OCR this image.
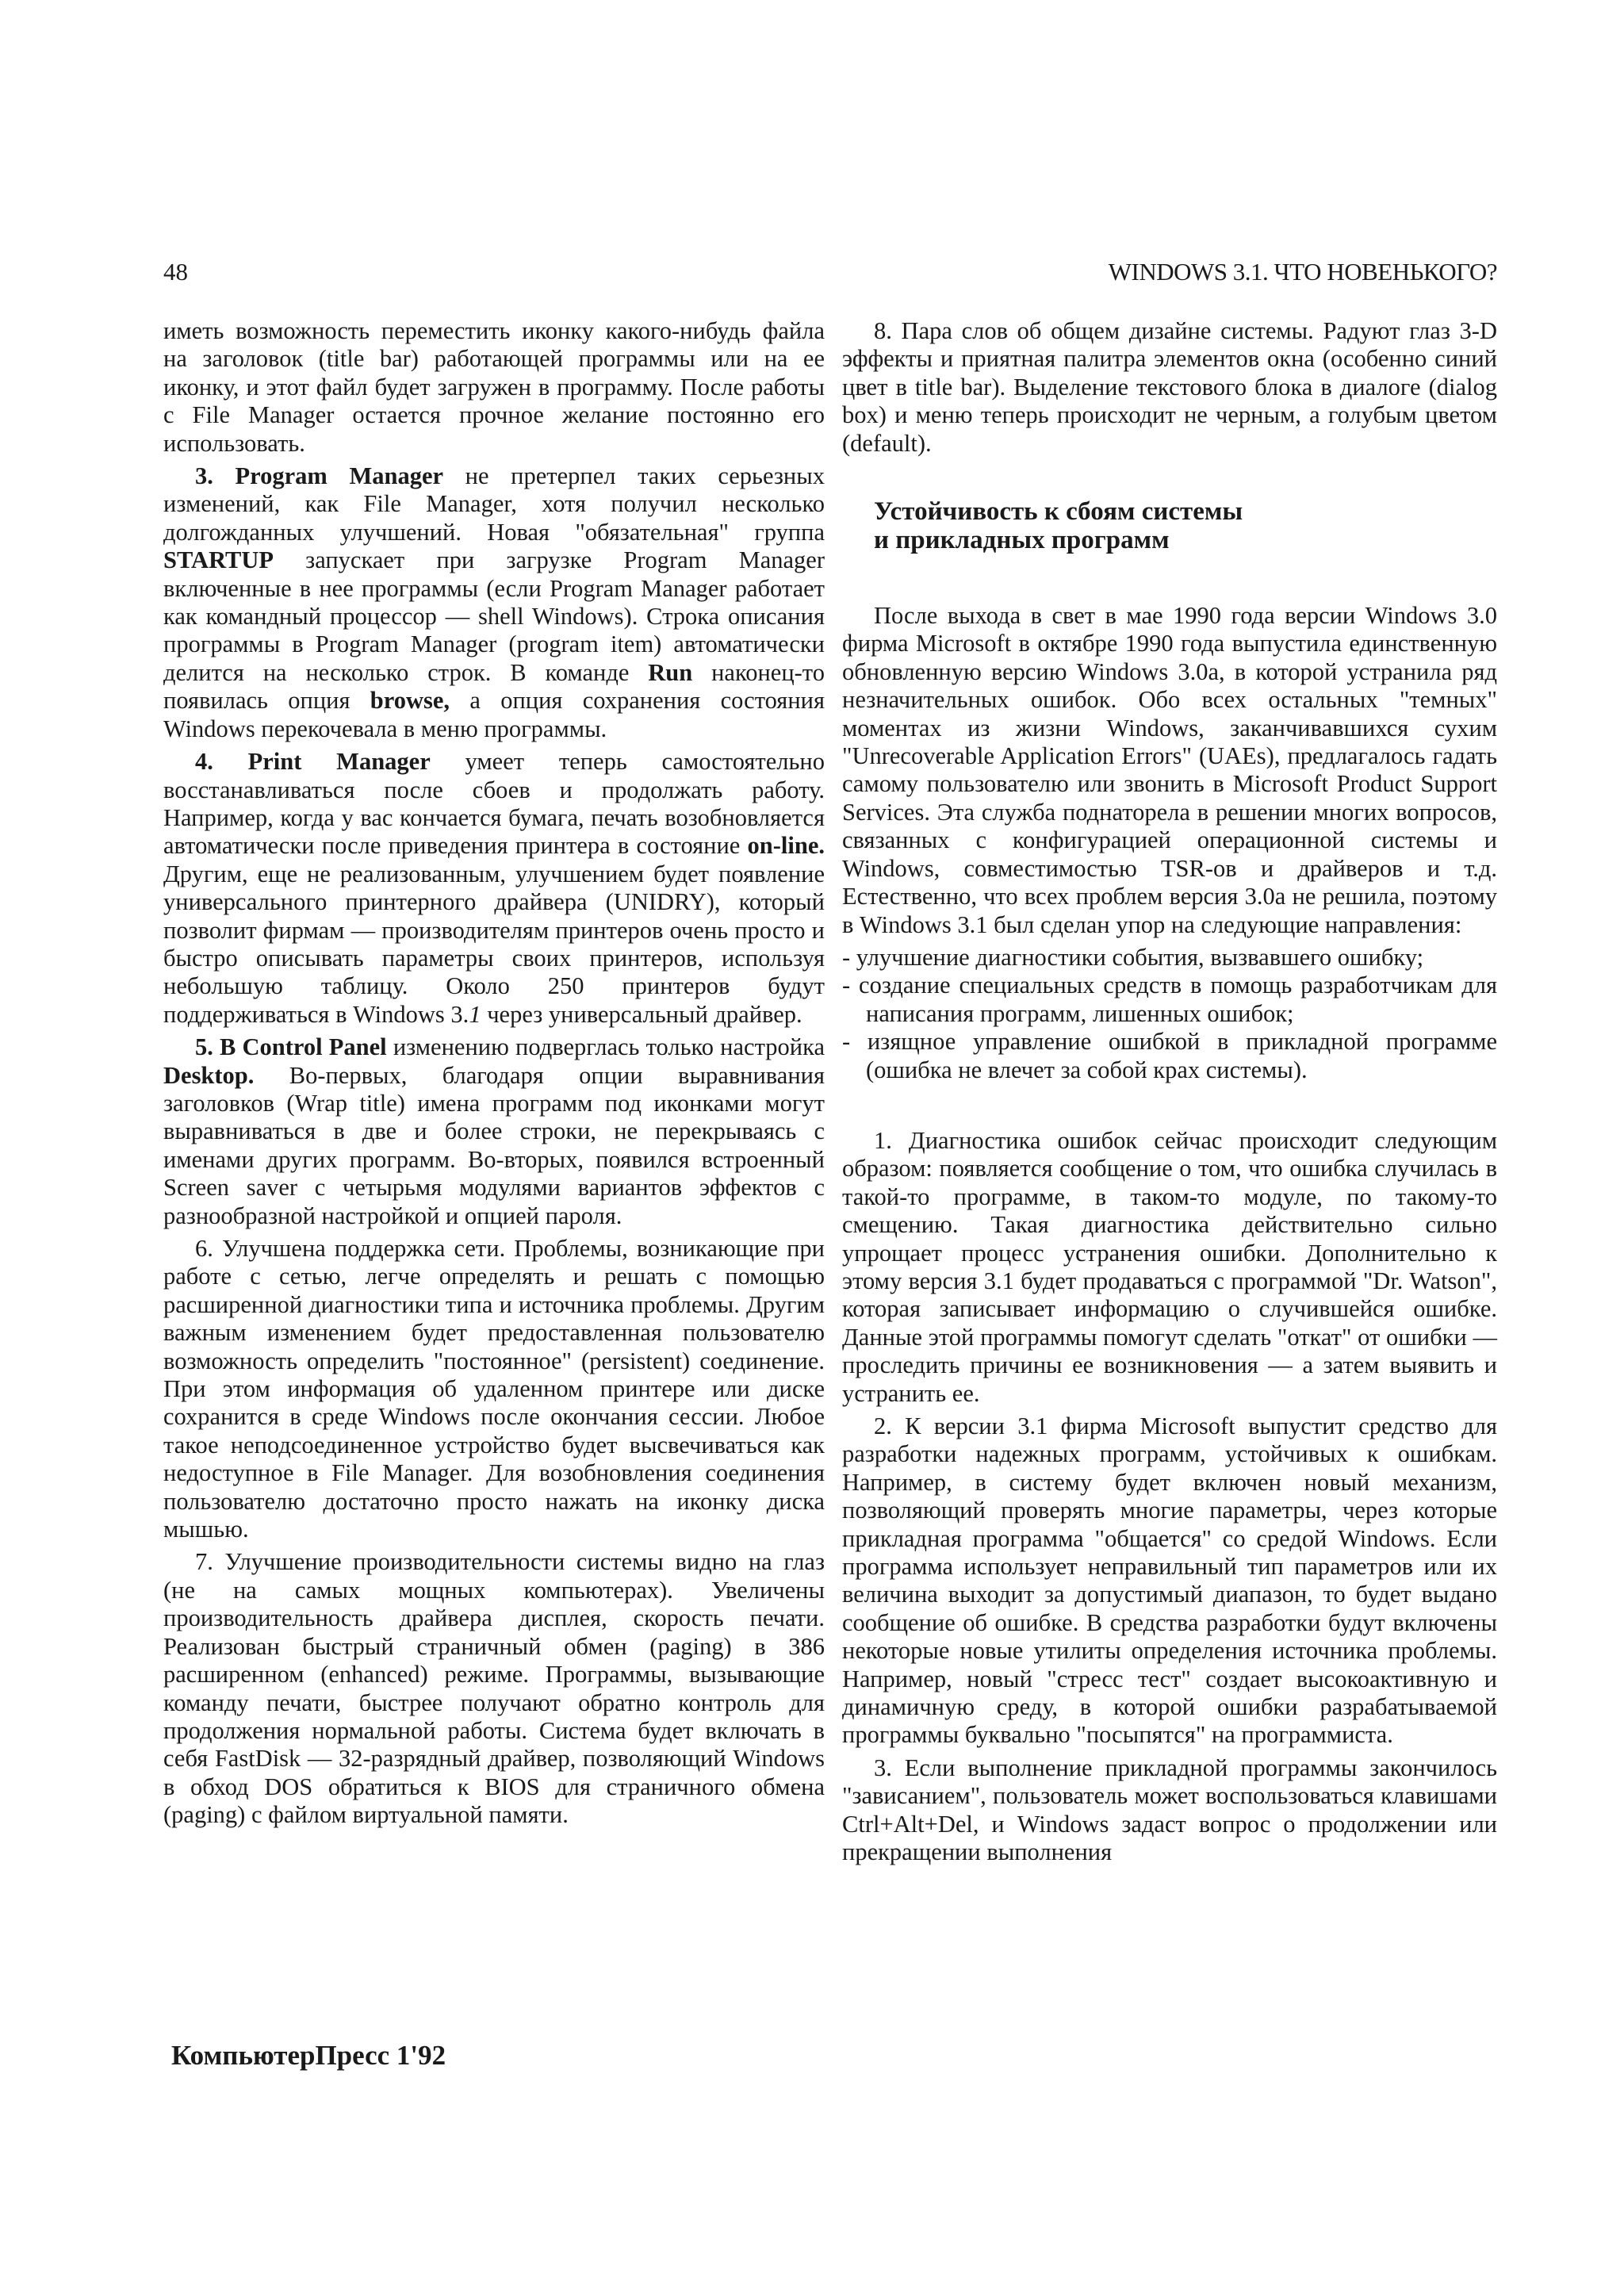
48	WINDOWS 3.1. ЧТО НОВЕНЬКОГО?

иметь возможность переместить иконку какого-нибудь файла на заголовок (title bar) работающей программы или на ее иконку, и этот файл будет загружен в программу. После работы с File Manager остается прочное желание постоянно его использовать.

3. Program Manager не претерпел таких серьезных изменений, как File Manager, хотя получил несколько долгожданных улучшений. Новая "обязательная" группа STARTUP запускает при загрузке Program Manager включенные в нее программы (если Program Manager работает как командный процессор — shell Windows). Строка описания программы в Program Manager (program item) автоматически делится на несколько строк. В команде Run наконец-то появилась опция browse, а опция сохранения состояния Windows перекочевала в меню программы.

4. Print Manager умеет теперь самостоятельно восстанавливаться после сбоев и продолжать работу. Например, когда у вас кончается бумага, печать возобновляется автоматически после приведения принтера в состояние on-line. Другим, еще не реализованным, улучшением будет появление универсального принтерного драйвера (UNIDRY), который позволит фирмам — производителям принтеров очень просто и быстро описывать параметры своих принтеров, используя небольшую таблицу. Около 250 принтеров будут поддерживаться в Windows 3.1 через универсальный драйвер.

5. В Control Panel изменению подверглась только настройка Desktop. Во-первых, благодаря опции выравнивания заголовков (Wrap title) имена программ под иконками могут выравниваться в две и более строки, не перекрываясь с именами других программ. Во-вторых, появился встроенный Screen saver с четырьмя модулями вариантов эффектов с разнообразной настройкой и опцией пароля.

6. Улучшена поддержка сети. Проблемы, возникающие при работе с сетью, легче определять и решать с помощью расширенной диагностики типа и источника проблемы. Другим важным изменением будет предоставленная пользователю возможность определить "постоянное" (persistent) соединение. При этом информация об удаленном принтере или диске сохранится в среде Windows после окончания сессии. Любое такое неподсоединенное устройство будет высвечиваться как недоступное в File Manager. Для возобновления соединения пользователю достаточно просто нажать на иконку диска мышью.

7. Улучшение производительности системы видно на глаз (не на самых мощных компьютерах). Увеличены производительность драйвера дисплея, скорость печати. Реализован быстрый страничный обмен (paging) в 386 расширенном (enhanced) режиме. Программы, вызывающие команду печати, быстрее получают обратно контроль для продолжения нормальной работы. Система будет включать в себя FastDisk — 32-разрядный драйвер, позволяющий Windows в обход DOS обратиться к BIOS для страничного обмена (paging) с файлом виртуальной памяти.

8. Пара слов об общем дизайне системы. Радуют глаз 3-D эффекты и приятная палитра элементов окна (особенно синий цвет в title bar). Выделение текстового блока в диалоге (dialog box) и меню теперь происходит не черным, а голубым цветом (default).

Устойчивость к сбоям системы
и прикладных программ

После выхода в свет в мае 1990 года версии Windows 3.0 фирма Microsoft в октябре 1990 года выпустила единственную обновленную версию Windows 3.0a, в которой устранила ряд незначительных ошибок. Обо всех остальных "темных" моментах из жизни Windows, заканчивавшихся сухим "Unrecoverable Application Errors" (UAEs), предлагалось гадать самому пользователю или звонить в Microsoft Product Support Services. Эта служба поднаторела в решении многих вопросов, связанных с конфигурацией операционной системы и Windows, совместимостью TSR-ов и драйверов и т.д. Естественно, что всех проблем версия 3.0a не решила, поэтому в Windows 3.1 был сделан упор на следующие направления:

- улучшение диагностики события, вызвавшего ошибку;
- создание специальных средств в помощь разработчикам для написания программ, лишенных ошибок;
- изящное управление ошибкой в прикладной программе (ошибка не влечет за собой крах системы).

1. Диагностика ошибок сейчас происходит следующим образом: появляется сообщение о том, что ошибка случилась в такой-то программе, в таком-то модуле, по такому-то смещению. Такая диагностика действительно сильно упрощает процесс устранения ошибки. Дополнительно к этому версия 3.1 будет продаваться с программой "Dr. Watson", которая записывает информацию о случившейся ошибке. Данные этой программы помогут сделать "откат" от ошибки — проследить причины ее возникновения — а затем выявить и устранить ее.

2. К версии 3.1 фирма Microsoft выпустит средство для разработки надежных программ, устойчивых к ошибкам. Например, в систему будет включен новый механизм, позволяющий проверять многие параметры, через которые прикладная программа "общается" со средой Windows. Если программа использует неправильный тип параметров или их величина выходит за допустимый диапазон, то будет выдано сообщение об ошибке. В средства разработки будут включены некоторые новые утилиты определения источника проблемы. Например, новый "стресс тест" создает высокоактивную и динамичную среду, в которой ошибки разрабатываемой программы буквально "посыпятся" на программиста.

3. Если выполнение прикладной программы закончилось "зависанием", пользователь может воспользоваться клавишами Ctrl+Alt+Del, и Windows задаст вопрос о продолжении или прекращении выполнения

КомпьютерПресс 1'92
